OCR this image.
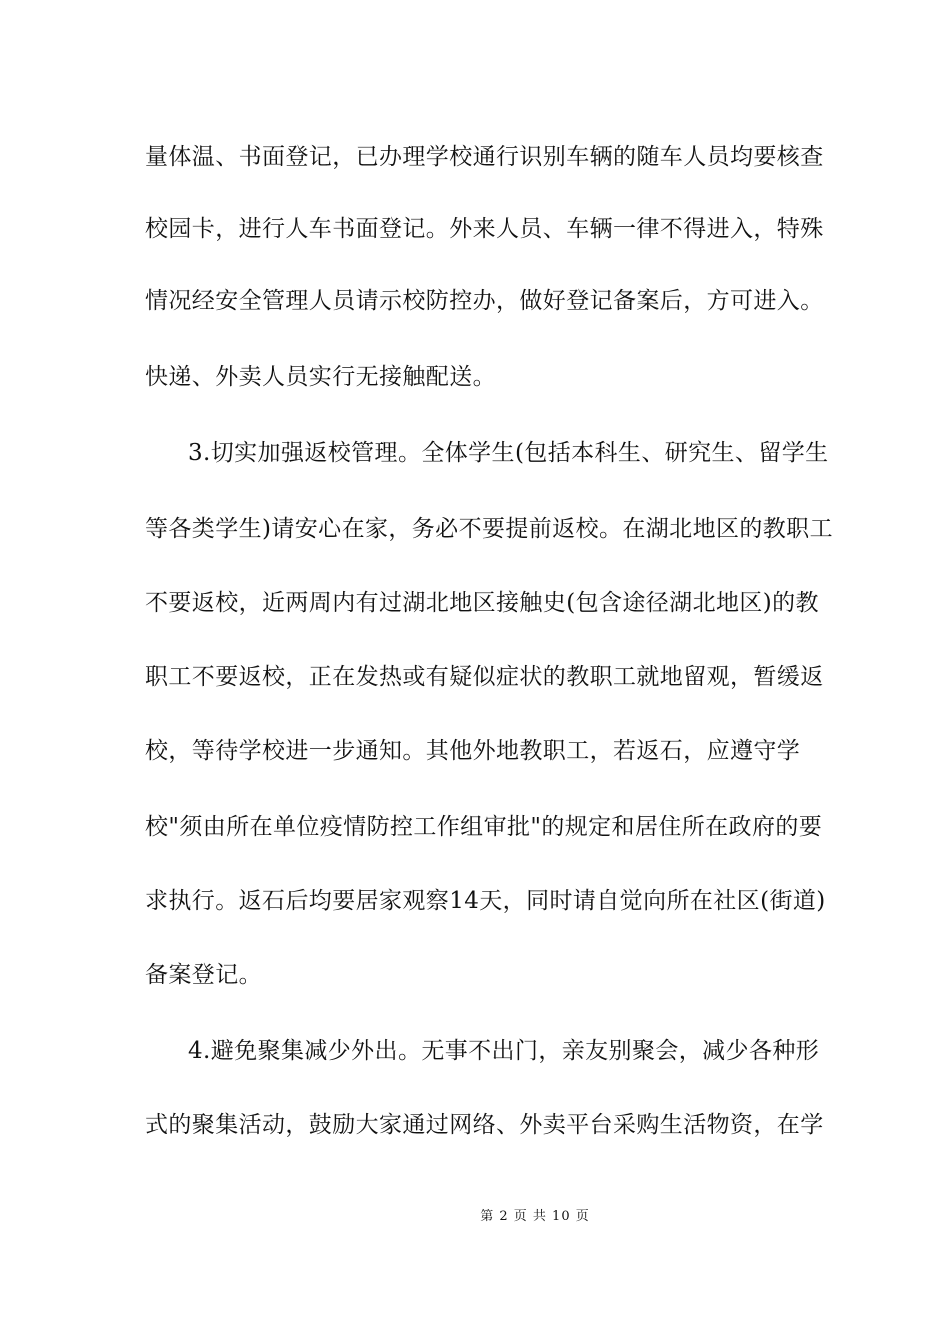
量体温、书面登记，已办理学校通行识别车辆的随车人员均要核查
校园卡，进行人车书面登记。外来人员、车辆一律不得进入，特殊
情况经安全管理人员请示校防控办，做好登记备案后，方可进入。
快递、外卖人员实行无接触配送。
3.切实加强返校管理。全体学生(包括本科生、研究生、留学生
等各类学生)请安心在家，务必不要提前返校。在湖北地区的教职工
不要返校，近两周内有过湖北地区接触史(包含途径湖北地区)的教
职工不要返校，正在发热或有疑似症状的教职工就地留观，暂缓返
校，等待学校进一步通知。其他外地教职工，若返石，应遵守学
校"须由所在单位疫情防控工作组审批"的规定和居住所在政府的要
求执行。返石后均要居家观察14天，同时请自觉向所在社区(街道)
备案登记。
4.避免聚集减少外出。无事不出门，亲友别聚会，减少各种形
式的聚集活动，鼓励大家通过网络、外卖平台采购生活物资，在学
第 2 页 共 10 页
